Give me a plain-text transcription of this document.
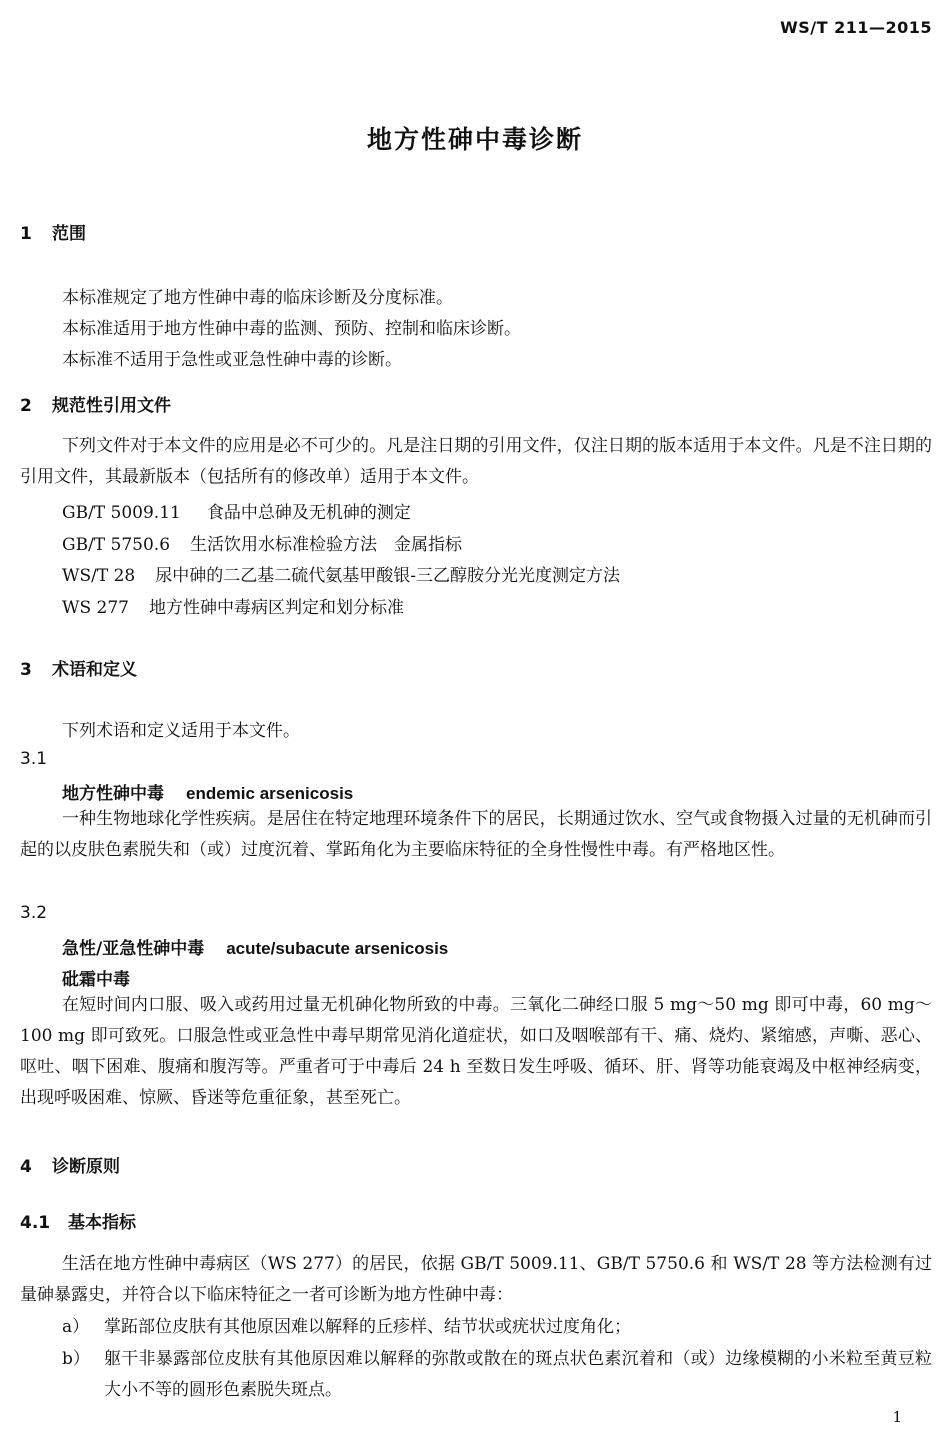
WS/T 211—2015
地方性砷中毒诊断
1 范围
本标准规定了地方性砷中毒的临床诊断及分度标准。
本标准适用于地方性砷中毒的监测、预防、控制和临床诊断。
本标准不适用于急性或亚急性砷中毒的诊断。
2 规范性引用文件
下列文件对于本文件的应用是必不可少的。凡是注日期的引用文件，仅注日期的版本适用于本文件。凡是不注日期的引用文件，其最新版本（包括所有的修改单）适用于本文件。
GB/T 5009.11 食品中总砷及无机砷的测定
GB/T 5750.6 生活饮用水标准检验方法　金属指标
WS/T 28 尿中砷的二乙基二硫代氨基甲酸银-三乙醇胺分光光度测定方法
WS 277 地方性砷中毒病区判定和划分标准
3 术语和定义
下列术语和定义适用于本文件。
3.1
地方性砷中毒 endemic arsenicosis
一种生物地球化学性疾病。是居住在特定地理环境条件下的居民，长期通过饮水、空气或食物摄入过量的无机砷而引起的以皮肤色素脱失和（或）过度沉着、掌跖角化为主要临床特征的全身性慢性中毒。有严格地区性。
3.2
急性/亚急性砷中毒 acute/subacute arsenicosis
砒霜中毒
在短时间内口服、吸入或药用过量无机砷化物所致的中毒。三氧化二砷经口服 5 mg～50 mg 即可中毒，60 mg～100 mg 即可致死。口服急性或亚急性中毒早期常见消化道症状，如口及咽喉部有干、痛、烧灼、紧缩感，声嘶、恶心、呕吐、咽下困难、腹痛和腹泻等。严重者可于中毒后 24 h 至数日发生呼吸、循环、肝、肾等功能衰竭及中枢神经病变，出现呼吸困难、惊厥、昏迷等危重征象，甚至死亡。
4 诊断原则
4.1 基本指标
生活在地方性砷中毒病区（WS 277）的居民，依据 GB/T 5009.11、GB/T 5750.6 和 WS/T 28 等方法检测有过量砷暴露史，并符合以下临床特征之一者可诊断为地方性砷中毒：
a） 掌跖部位皮肤有其他原因难以解释的丘疹样、结节状或疣状过度角化；
b） 躯干非暴露部位皮肤有其他原因难以解释的弥散或散在的斑点状色素沉着和（或）边缘模糊的小米粒至黄豆粒大小不等的圆形色素脱失斑点。
1
